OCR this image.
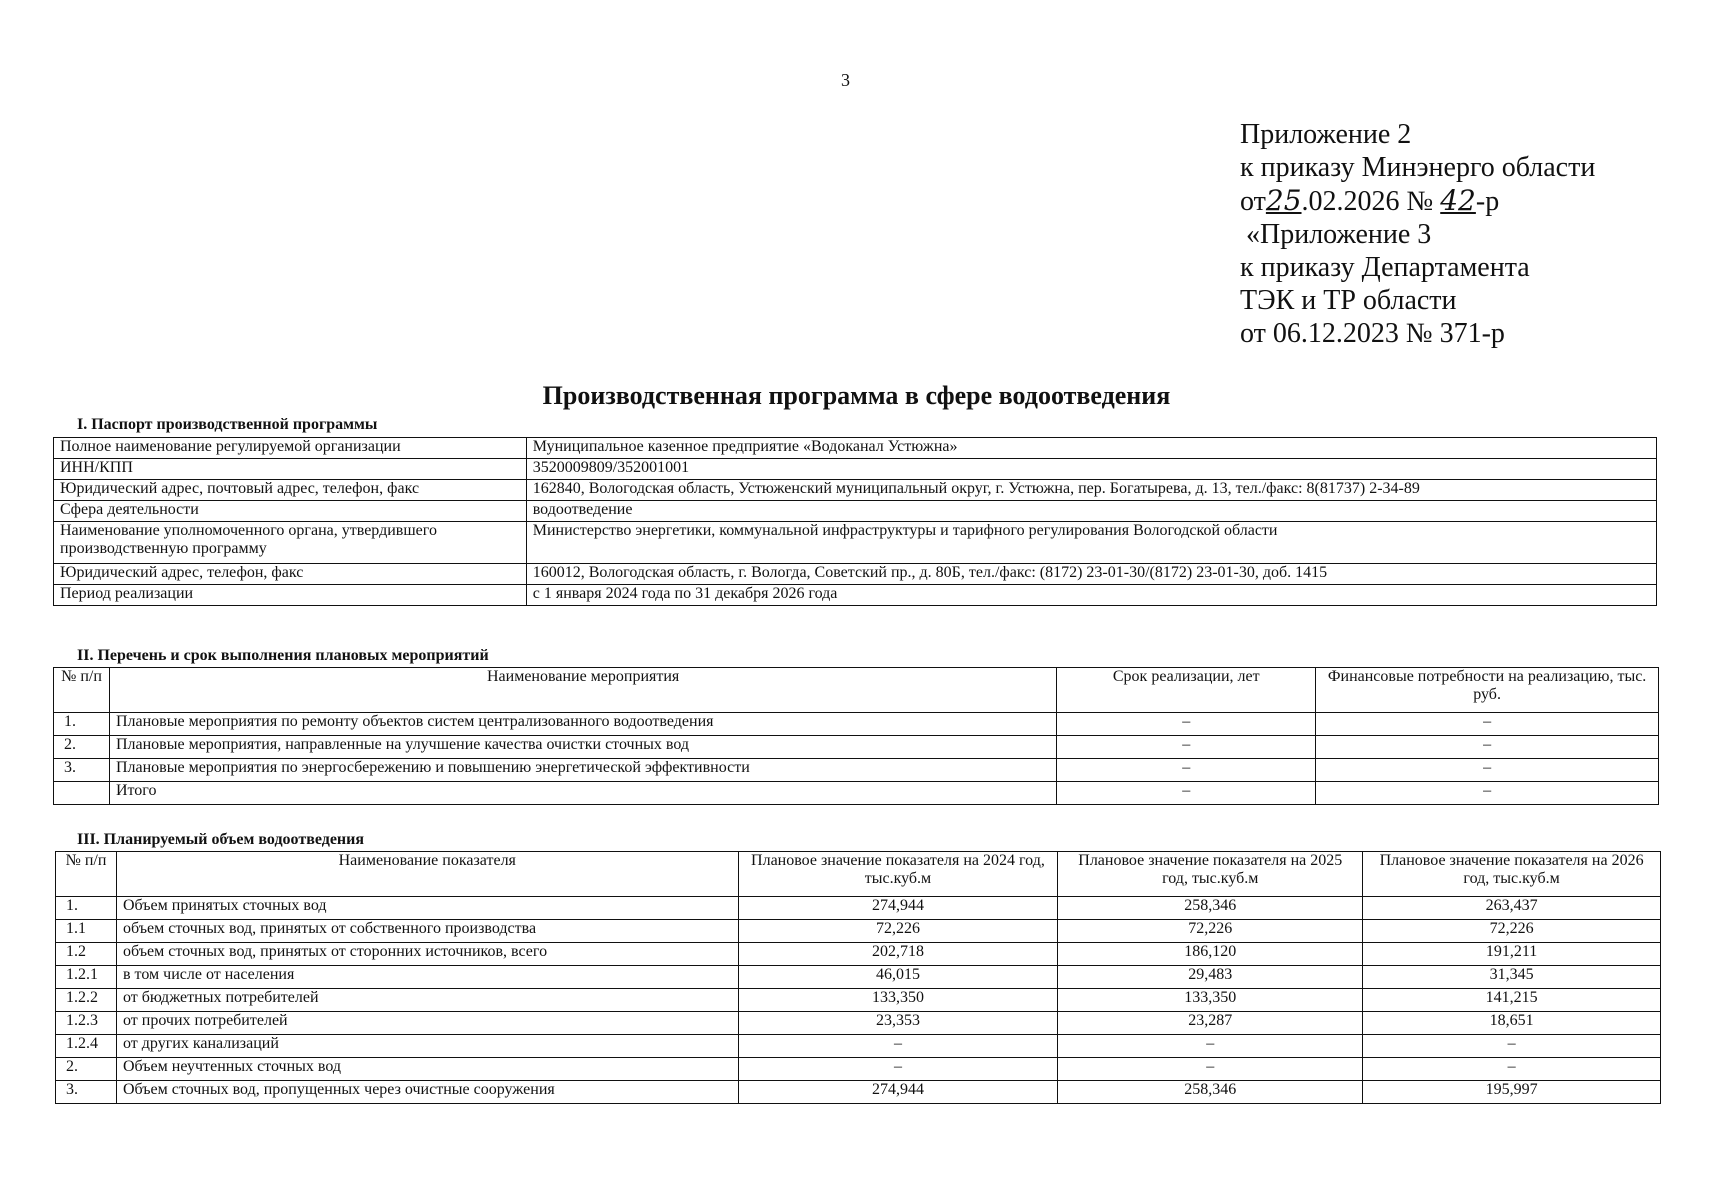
3
Приложение 2
к приказу Минэнерго области
от25.02.2026 № 42-р
«Приложение 3
к приказу Департамента
ТЭК и ТР области
от 06.12.2023 № 371-р
Производственная программа в сфере водоотведения
I. Паспорт производственной программы
Полное наименование регулируемой организации	Муниципальное казенное предприятие «Водоканал Устюжна»
ИНН/КПП	3520009809/352001001
Юридический адрес, почтовый адрес, телефон, факс	162840, Вологодская область, Устюженский муниципальный округ, г. Устюжна, пер. Богатырева, д. 13, тел./факс: 8(81737) 2-34-89
Сфера деятельности	водоотведение
Наименование уполномоченного органа, утвердившего производственную программу	Министерство энергетики, коммунальной инфраструктуры и тарифного регулирования Вологодской области
Юридический адрес, телефон, факс	160012, Вологодская область, г. Вологда, Советский пр., д. 80Б, тел./факс: (8172) 23-01-30/(8172) 23-01-30, доб. 1415
Период реализации	с 1 января 2024 года по 31 декабря 2026 года
II. Перечень и срок выполнения плановых мероприятий
№ п/п	Наименование мероприятия	Срок реализации, лет	Финансовые потребности на реализацию, тыс. руб.
1.	Плановые мероприятия по ремонту объектов систем централизованного водоотведения	–	–
2.	Плановые мероприятия, направленные на улучшение качества очистки сточных вод	–	–
3.	Плановые мероприятия по энергосбережению и повышению энергетической эффективности	–	–
	Итого	–	–
III. Планируемый объем водоотведения
№ п/п	Наименование показателя	Плановое значение показателя на 2024 год, тыс.куб.м	Плановое значение показателя на 2025 год, тыс.куб.м	Плановое значение показателя на 2026 год, тыс.куб.м
1.	Объем принятых сточных вод	274,944	258,346	263,437
1.1	объем сточных вод, принятых от собственного производства	72,226	72,226	72,226
1.2	объем сточных вод, принятых от сторонних источников, всего	202,718	186,120	191,211
1.2.1	в том числе от населения	46,015	29,483	31,345
1.2.2	от бюджетных потребителей	133,350	133,350	141,215
1.2.3	от прочих потребителей	23,353	23,287	18,651
1.2.4	от других канализаций	–	–	–
2.	Объем неучтенных сточных вод	–	–	–
3.	Объем сточных вод, пропущенных через очистные сооружения	274,944	258,346	195,997
